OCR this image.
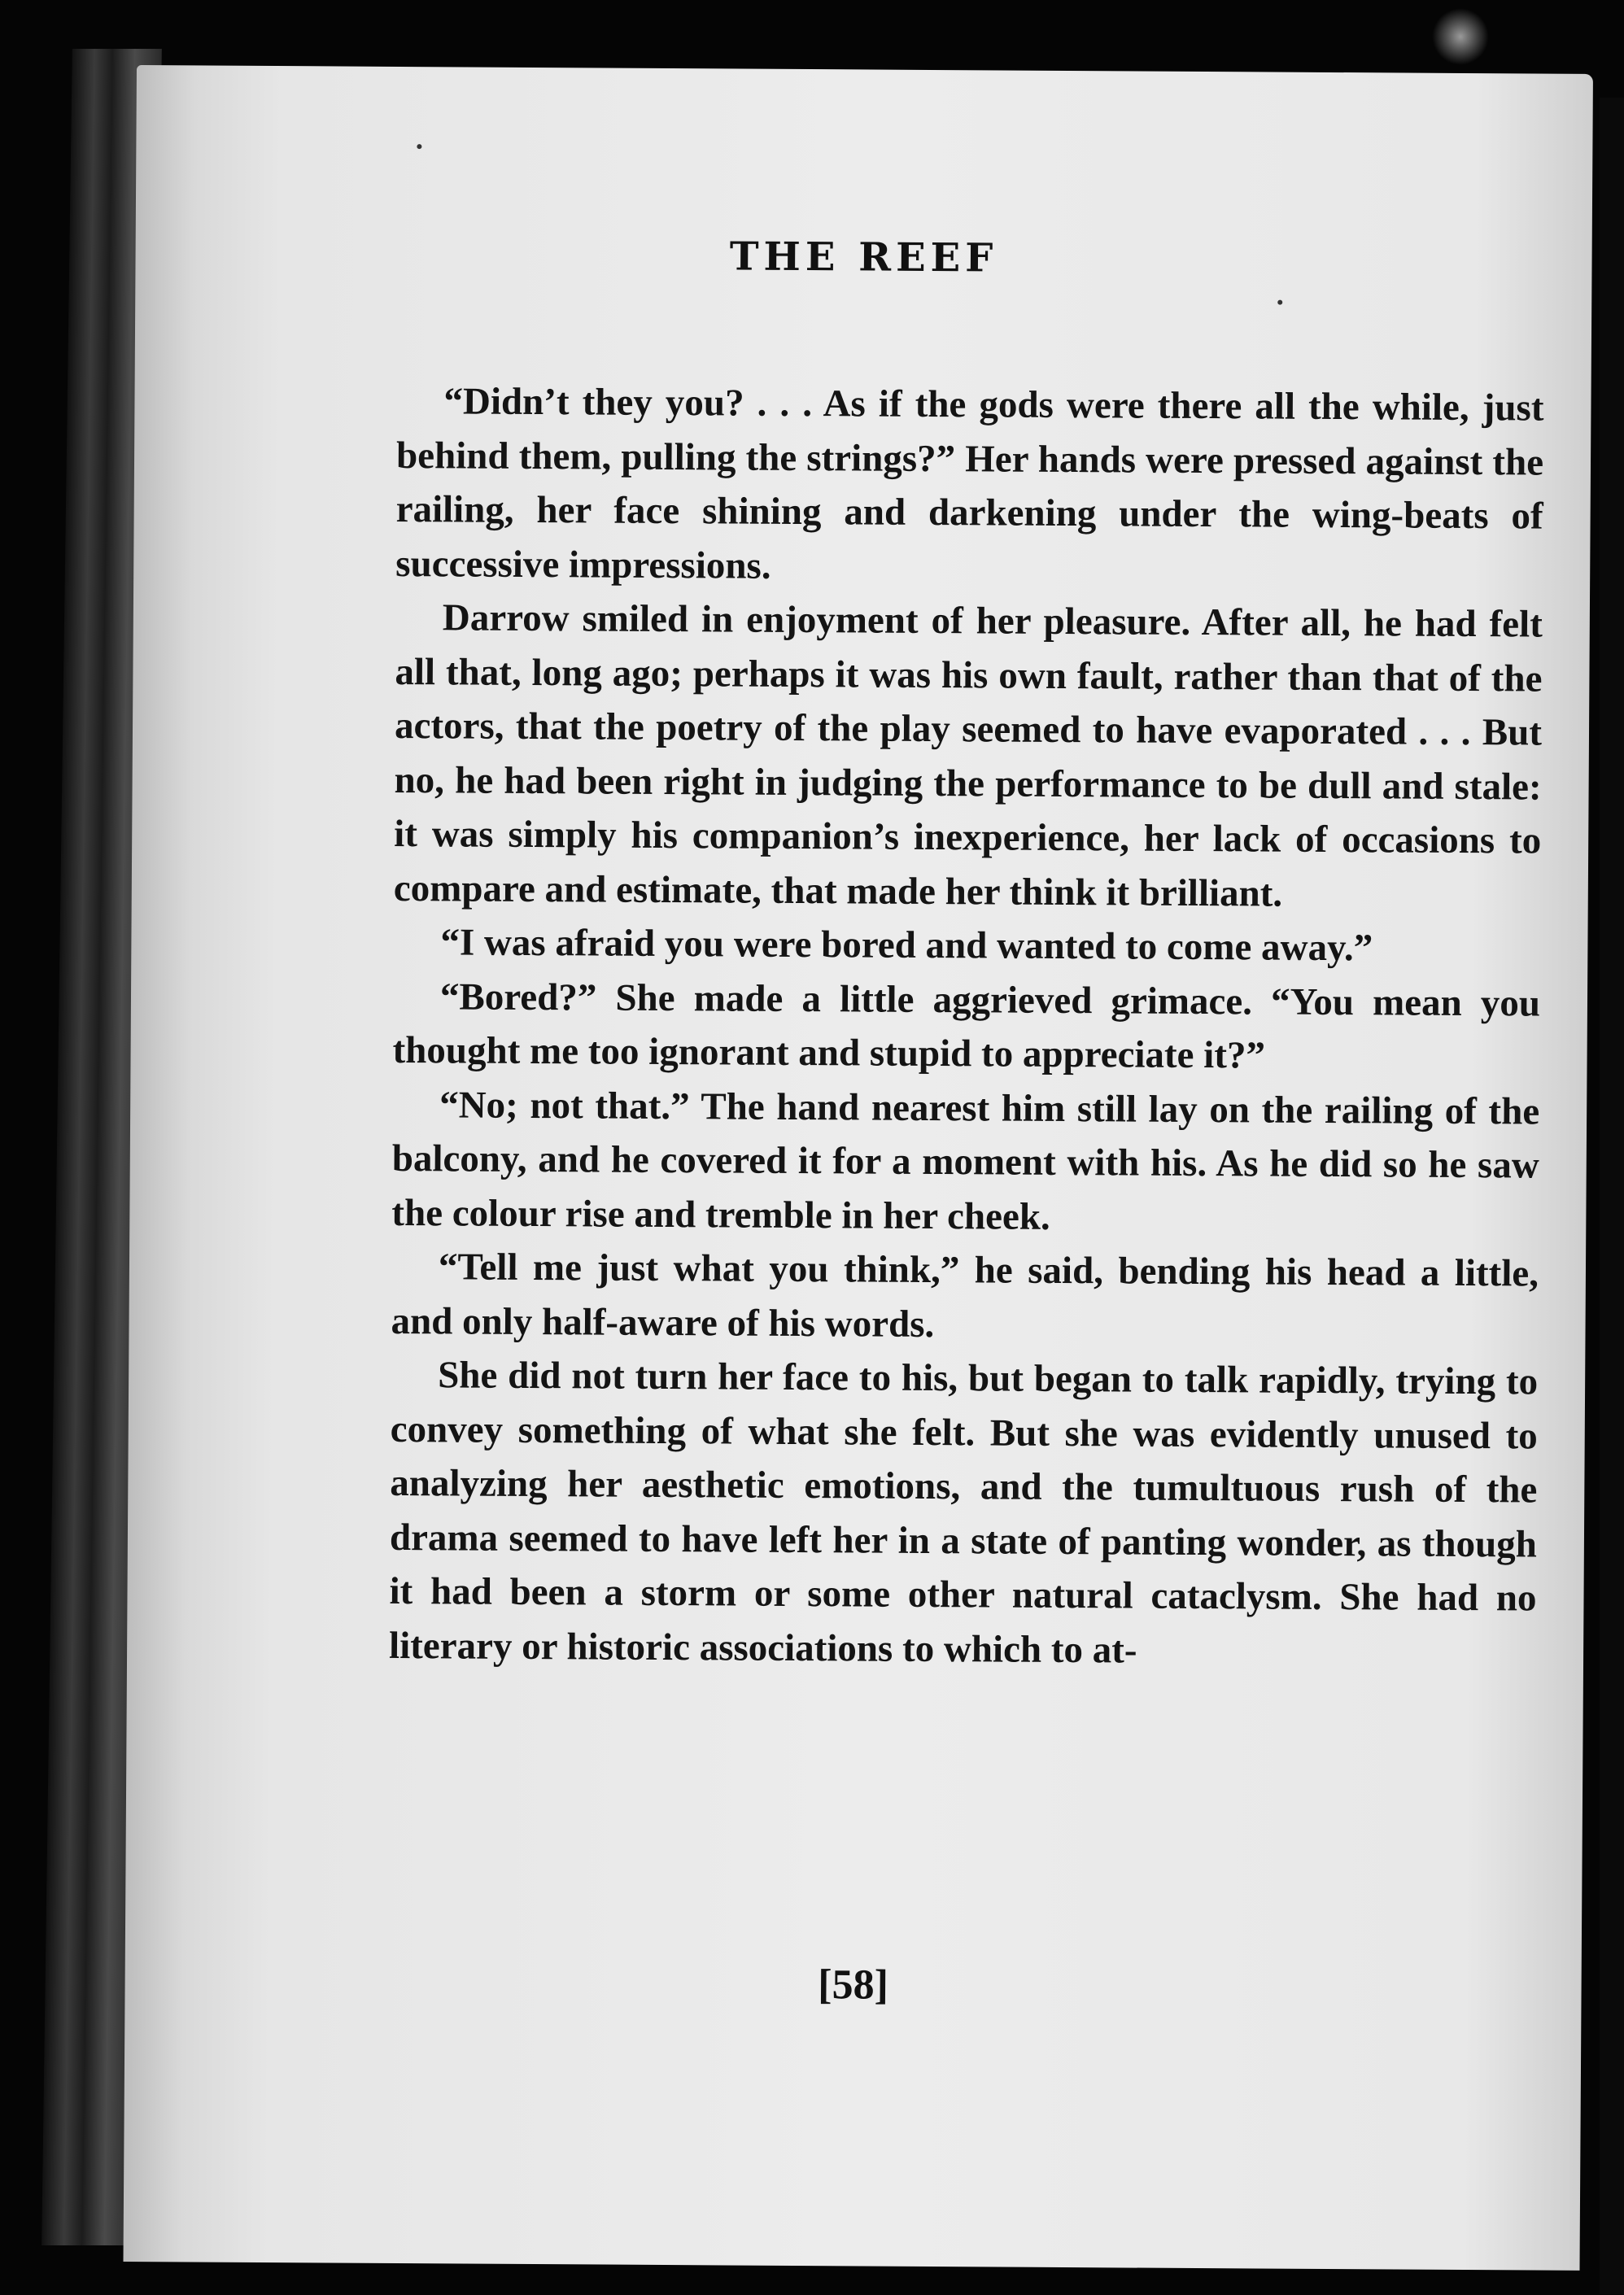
THE REEF

“Didn’t they you? . . . As if the gods were there all the while, just behind them, pulling the strings?” Her hands were pressed against the railing, her face shining and darkening under the wing-beats of successive impressions.

Darrow smiled in enjoyment of her pleasure. After all, he had felt all that, long ago; perhaps it was his own fault, rather than that of the actors, that the poetry of the play seemed to have evaporated . . . But no, he had been right in judging the performance to be dull and stale: it was simply his companion’s inexperience, her lack of occasions to compare and estimate, that made her think it brilliant.

“I was afraid you were bored and wanted to come away.”

“Bored?” She made a little aggrieved grimace. “You mean you thought me too ignorant and stupid to appreciate it?”

“No; not that.” The hand nearest him still lay on the railing of the balcony, and he covered it for a moment with his. As he did so he saw the colour rise and tremble in her cheek.

“Tell me just what you think,” he said, bending his head a little, and only half-aware of his words.

She did not turn her face to his, but began to talk rapidly, trying to convey something of what she felt. But she was evidently unused to analyzing her aesthetic emotions, and the tumultuous rush of the drama seemed to have left her in a state of panting wonder, as though it had been a storm or some other natural cataclysm. She had no literary or historic associations to which to at-

[58]
